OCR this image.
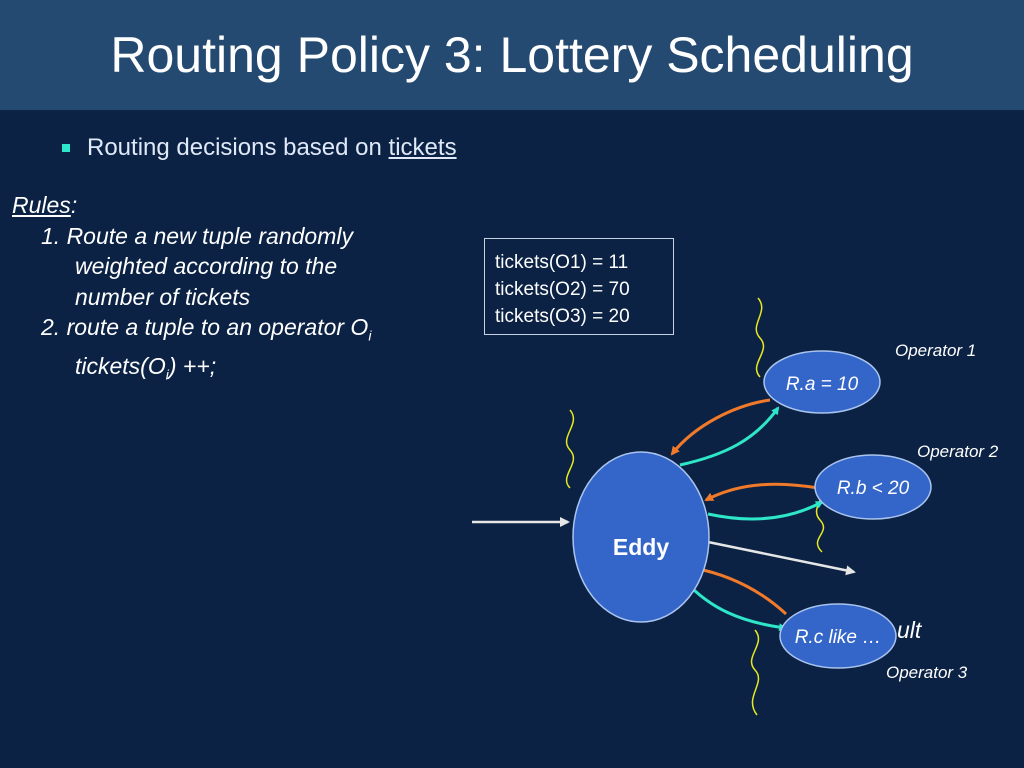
Routing Policy 3: Lottery Scheduling
Routing decisions based on tickets
Rules:
1. Route a new tuple randomly
weighted according to the
number of tickets
2. route a tuple to an operator $O_i$
$tickets(O_i)$ ++;
tickets(O1) = 11
tickets(O2) = 70
tickets(O3) = 20
Eddy
ult
R.a = 10
R.b < 20
R.c like …
Operator 1
Operator 2
Operator 3
